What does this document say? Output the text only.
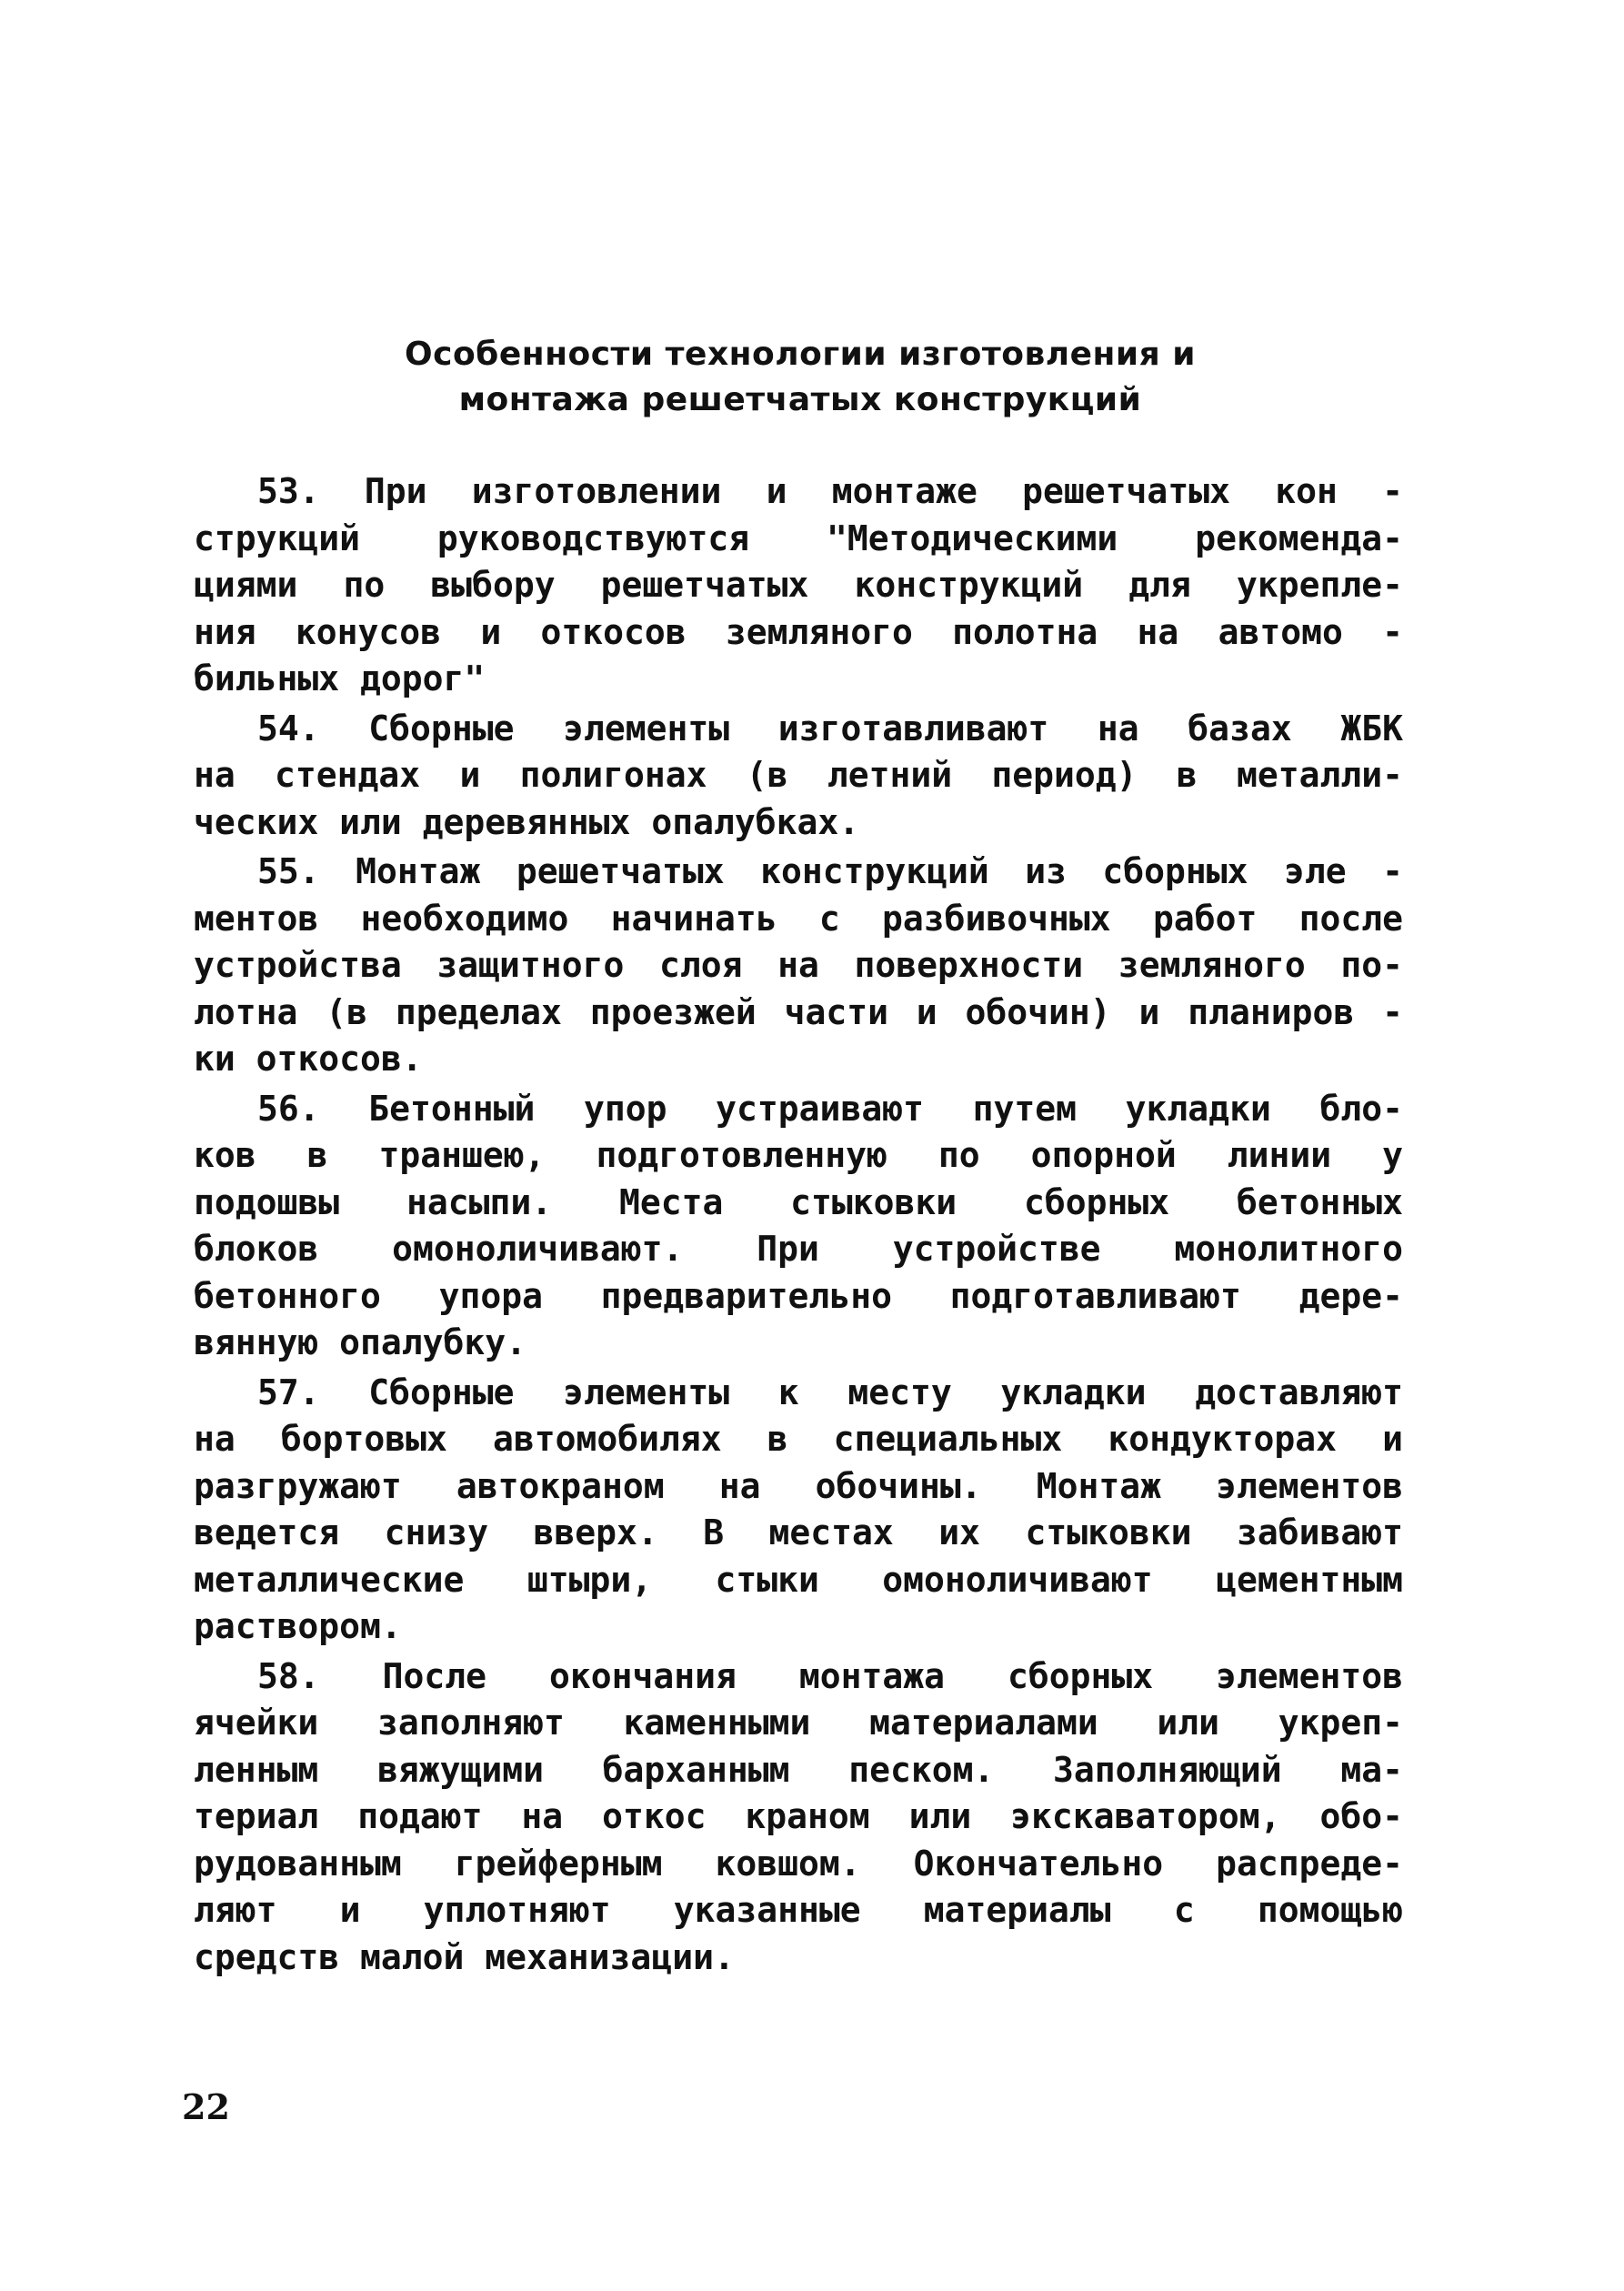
Особенности технологии изготовления и
монтажа решетчатых конструкций
53. При изготовлении и монтаже решетчатых кон -
струкций руководствуются "Методическими рекоменда-
циями по выбору решетчатых конструкций для укрепле-
ния конусов и откосов земляного полотна на автомо -
бильных дорог"
54. Сборные элементы изготавливают на базах ЖБК
на стендах и полигонах (в летний период) в металли-
ческих или деревянных опалубках.
55. Монтаж решетчатых конструкций из сборных эле -
ментов необходимо начинать с разбивочных работ после
устройства защитного слоя на поверхности земляного по-
лотна (в пределах проезжей части и обочин) и планиров -
ки откосов.
56. Бетонный упор устраивают путем укладки бло-
ков в траншею, подготовленную по опорной линии у
подошвы насыпи. Места стыковки сборных бетонных
блоков омоноличивают. При устройстве монолитного
бетонного упора предварительно подготавливают дере-
вянную опалубку.
57. Сборные элементы к месту укладки доставляют
на бортовых автомобилях в специальных кондукторах и
разгружают автокраном на обочины. Монтаж элементов
ведется снизу вверх. В местах их стыковки забивают
металлические штыри, стыки омоноличивают цементным
раствором.
58. После окончания монтажа сборных элементов
ячейки заполняют каменными материалами или укреп-
ленным вяжущими барханным песком. Заполняющий ма-
териал подают на откос краном или экскаватором, обо-
рудованным грейферным ковшом. Окончательно распреде-
ляют и уплотняют указанные материалы с помощью
средств малой механизации.
22
